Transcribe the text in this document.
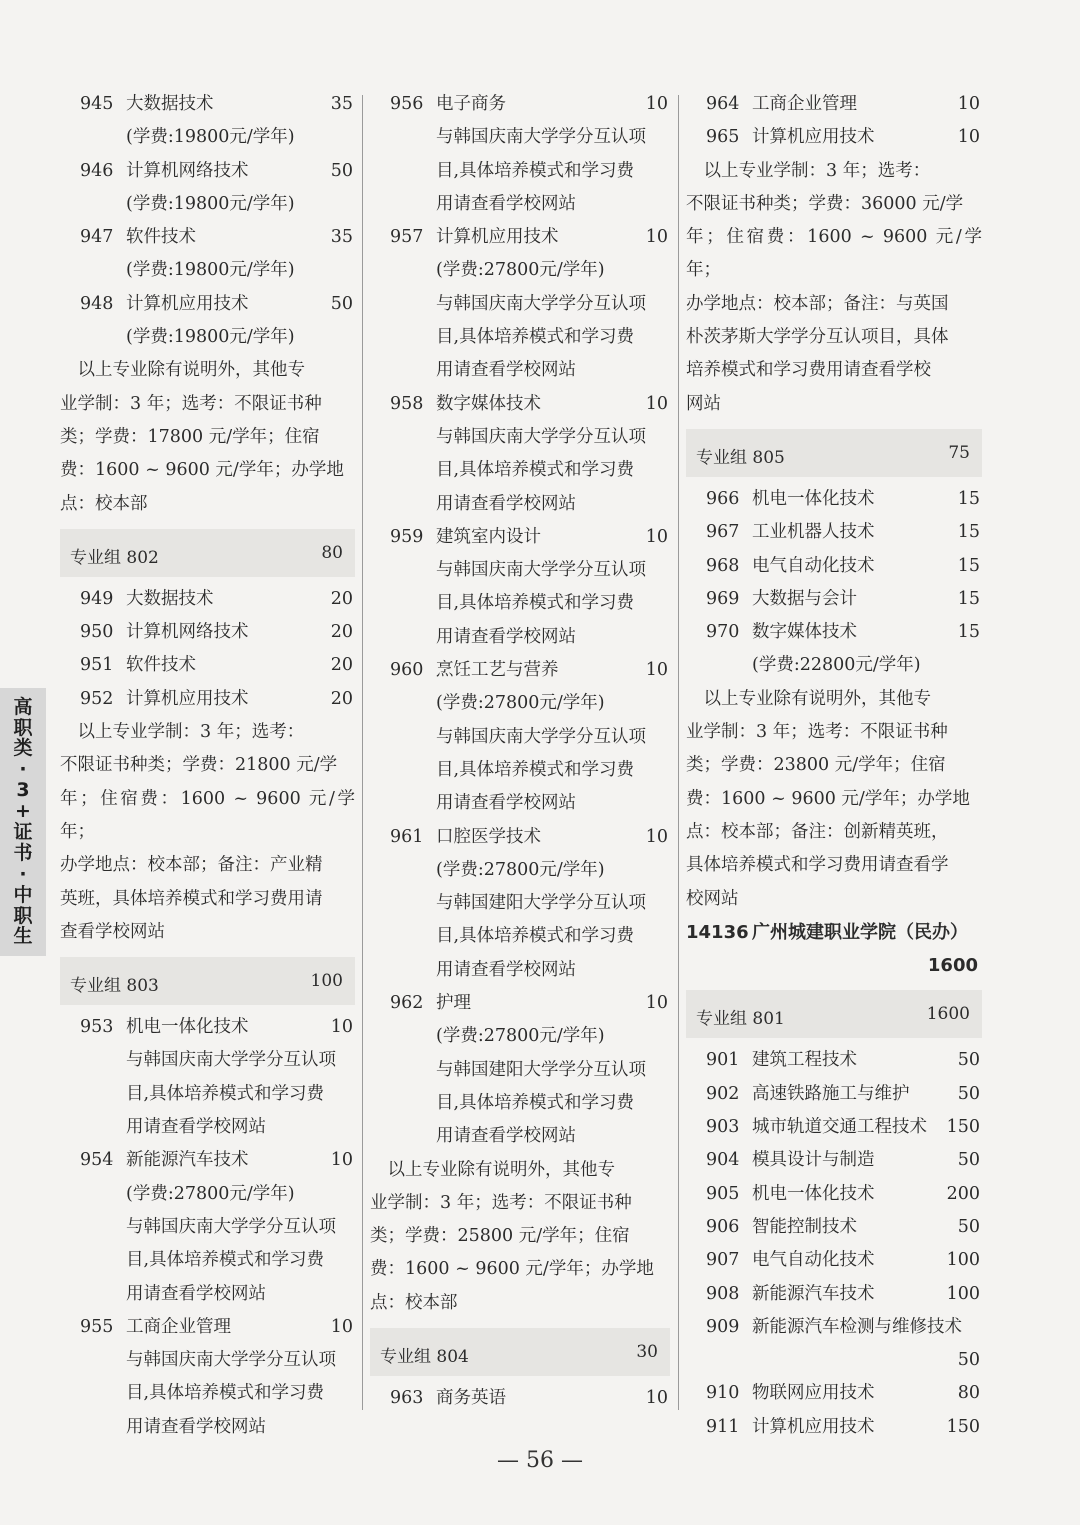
高
职
类
·
3
+
证
书
·
中
职
生
945 大数据技术	35
(学费:19800元/学年)
946 计算机网络技术	50
(学费:19800元/学年)
947 软件技术	35
(学费:19800元/学年)
948 计算机应用技术	50
(学费:19800元/学年)
　以上专业除有说明外，其他专
业学制：3 年；选考：不限证书种
类；学费：17800 元/学年；住宿
费：1600 ~ 9600 元/学年；办学地
点：校本部
专业组 802	80
949 大数据技术	20
950 计算机网络技术	20
951 软件技术	20
952 计算机应用技术	20
　以上专业学制：3 年；选考：
不限证书种类；学费：21800 元/学
年；住宿费：1600 ~ 9600 元/学年；
办学地点：校本部；备注：产业精
英班，具体培养模式和学习费用请
查看学校网站
专业组 803	100
953 机电一体化技术	10
与韩国庆南大学学分互认项
目,具体培养模式和学习费
用请查看学校网站
954 新能源汽车技术	10
(学费:27800元/学年)
与韩国庆南大学学分互认项
目,具体培养模式和学习费
用请查看学校网站
955 工商企业管理	10
与韩国庆南大学学分互认项
目,具体培养模式和学习费
用请查看学校网站
956 电子商务	10
与韩国庆南大学学分互认项
目,具体培养模式和学习费
用请查看学校网站
957 计算机应用技术	10
(学费:27800元/学年)
与韩国庆南大学学分互认项
目,具体培养模式和学习费
用请查看学校网站
958 数字媒体技术	10
与韩国庆南大学学分互认项
目,具体培养模式和学习费
用请查看学校网站
959 建筑室内设计	10
与韩国庆南大学学分互认项
目,具体培养模式和学习费
用请查看学校网站
960 烹饪工艺与营养	10
(学费:27800元/学年)
与韩国庆南大学学分互认项
目,具体培养模式和学习费
用请查看学校网站
961 口腔医学技术	10
(学费:27800元/学年)
与韩国建阳大学学分互认项
目,具体培养模式和学习费
用请查看学校网站
962 护理	10
(学费:27800元/学年)
与韩国建阳大学学分互认项
目,具体培养模式和学习费
用请查看学校网站
　以上专业除有说明外，其他专
业学制：3 年；选考：不限证书种
类；学费：25800 元/学年；住宿
费：1600 ~ 9600 元/学年；办学地
点：校本部
专业组 804	30
963 商务英语	10
964 工商企业管理	10
965 计算机应用技术	10
　以上专业学制：3 年；选考：
不限证书种类；学费：36000 元/学
年；住宿费：1600 ~ 9600 元/学年；
办学地点：校本部；备注：与英国
朴茨茅斯大学学分互认项目，具体
培养模式和学习费用请查看学校
网站
专业组 805	75
966 机电一体化技术	15
967 工业机器人技术	15
968 电气自动化技术	15
969 大数据与会计	15
970 数字媒体技术	15
(学费:22800元/学年)
　以上专业除有说明外，其他专
业学制：3 年；选考：不限证书种
类；学费：23800 元/学年；住宿
费：1600 ~ 9600 元/学年；办学地
点：校本部；备注：创新精英班，
具体培养模式和学习费用请查看学
校网站
14136 广州城建职业学院（民办）
1600
专业组 801	1600
901 建筑工程技术	50
902 高速铁路施工与维护	50
903 城市轨道交通工程技术 150
904 模具设计与制造	50
905 机电一体化技术	200
906 智能控制技术	50
907 电气自动化技术	100
908 新能源汽车技术	100
909 新能源汽车检测与维修技术
50
910 物联网应用技术	80
911 计算机应用技术	150
— 56 —
